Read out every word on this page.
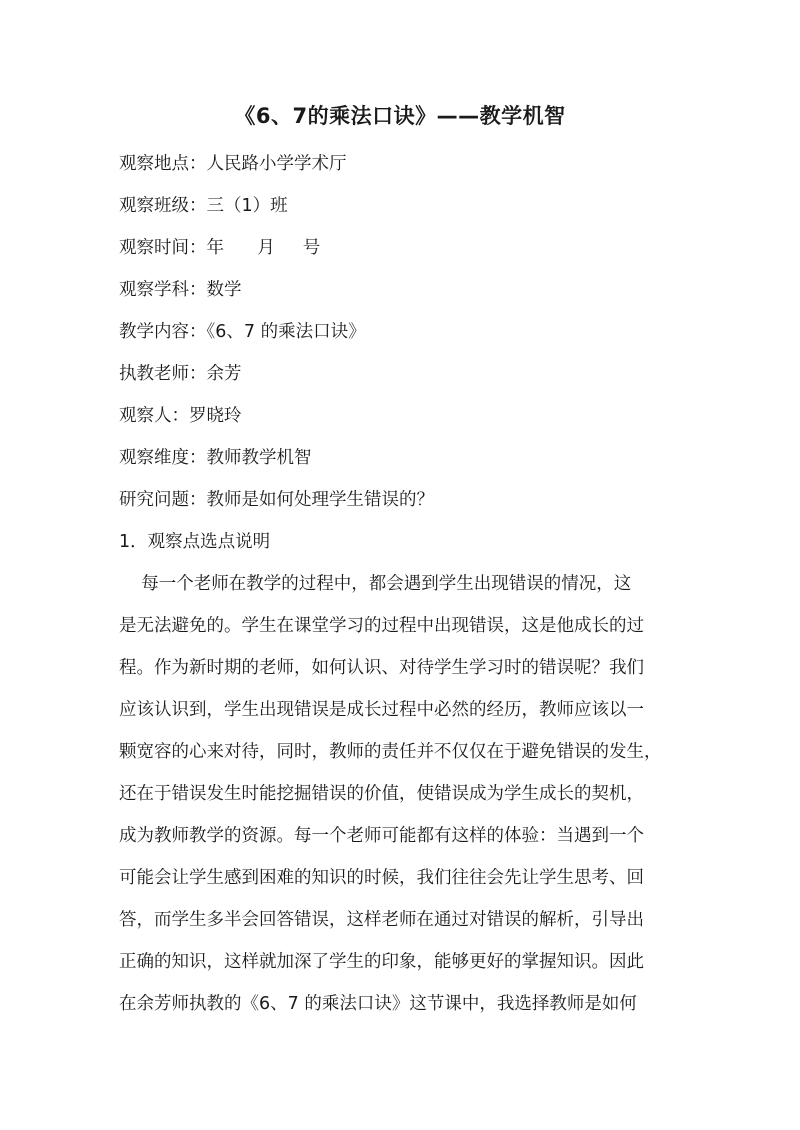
《6、7的乘法口诀》——教学机智
观察地点：人民路小学学术厅
观察班级：三（1）班
观察时间：年      月     号
观察学科：数学
教学内容：《6、7 的乘法口诀》
执教老师：余芳
观察人：罗晓玲
观察维度：教师教学机智
研究问题：教师是如何处理学生错误的？
1．观察点选点说明
每一个老师在教学的过程中，都会遇到学生出现错误的情况，这
是无法避免的。学生在课堂学习的过程中出现错误，这是他成长的过
程。作为新时期的老师，如何认识、对待学生学习时的错误呢？我们
应该认识到，学生出现错误是成长过程中必然的经历，教师应该以一
颗宽容的心来对待，同时，教师的责任并不仅仅在于避免错误的发生，
还在于错误发生时能挖掘错误的价值，使错误成为学生成长的契机，
成为教师教学的资源。每一个老师可能都有这样的体验：当遇到一个
可能会让学生感到困难的知识的时候，我们往往会先让学生思考、回
答，而学生多半会回答错误，这样老师在通过对错误的解析，引导出
正确的知识，这样就加深了学生的印象，能够更好的掌握知识。因此
在余芳师执教的《6、7 的乘法口诀》这节课中，我选择教师是如何
